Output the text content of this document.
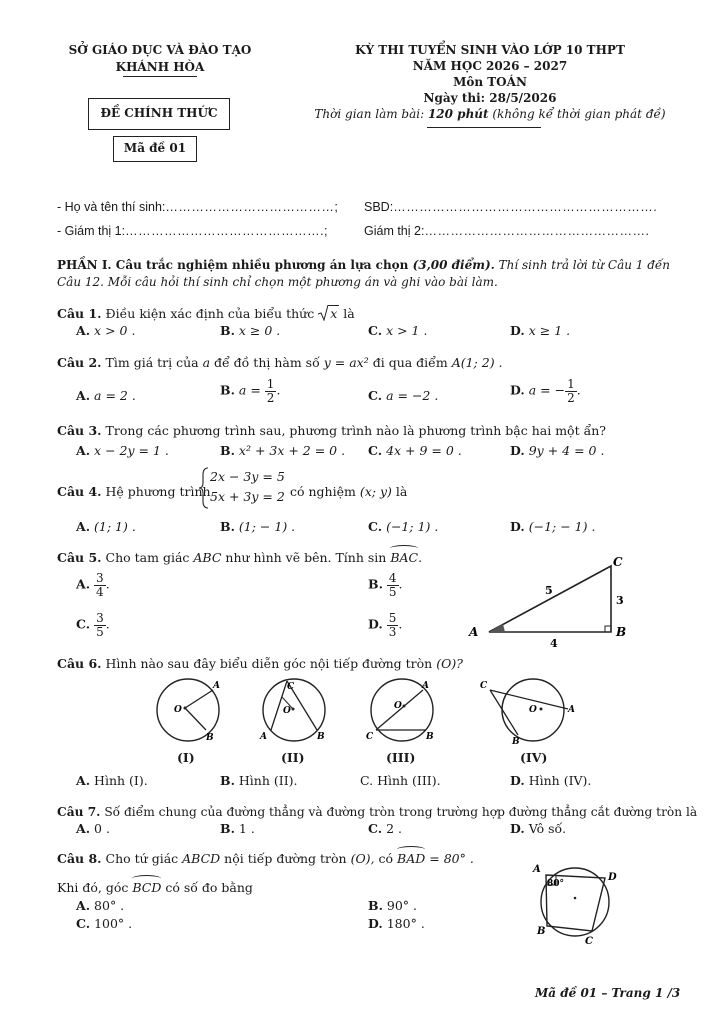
SỞ GIÁO DỤC VÀ ĐÀO TẠO
KHÁNH HÒA
ĐỀ CHÍNH THỨC
Mã đề 01
KỲ THI TUYỂN SINH VÀO LỚP 10 THPT
NĂM HỌC 2026 – 2027
Môn TOÁN
Ngày thi: 28/5/2026
Thời gian làm bài: 120 phút (không kể thời gian phát đề)
- Họ và tên thí sinh:…………………………………; SBD:…………………………………………………….
- Giám thị 1:……………………………………….;	Giám thị 2:…………………………………………….
PHẦN I. Câu trắc nghiệm nhiều phương án lựa chọn (3,00 điểm). Thí sinh trả lời từ Câu 1 đến
Câu 12. Mỗi câu hỏi thí sinh chỉ chọn một phương án và ghi vào bài làm.
Câu 1. Điều kiện xác định của biểu thức x là
A. x > 0 .	B. x ≥ 0 .	C. x > 1 .	D. x ≥ 1 .
Câu 2. Tìm giá trị của a để đồ thị hàm số y = ax² đi qua điểm A(1; 2) .
A. a = 2 .	B. $a = \frac{1}{2}$ .	C. a = −2 .	D. a = − $\frac{1}{2}$ .
Câu 3. Trong các phương trình sau, phương trình nào là phương trình bậc hai một ẩn?
A. x − 2y = 1 .	B. x² + 3x + 2 = 0 . C. 4x + 9 = 0 .	D. 9y + 4 = 0 .
Câu 4. Hệ phương trình
2x − 3y = 5
5x + 3y = 2 có nghiệm (x; y) là
A. (1; 1) .	B. (1; − 1) .	C. (−1; 1) .	D. (−1; − 1) .
Câu 5. Cho tam giác ABC như hình vẽ bên. Tính sin BAC.
A. $\frac{3}{4}$ .	B. $\frac{4}{5}$ .
C. $\frac{3}{5}$ .	D. $\frac{5}{3}$ .
A	B
C
5
3
4
Câu 6. Hình nào sau đây biểu diễn góc nội tiếp đường tròn (O)?
O
A
B
C
O
A	B
O
A
C	B
O
C
A
B
(I)	(II)	(III)	(IV)
A. Hình (I).	B. Hình (II).	C. Hình (III).	D. Hình (IV).
Câu 7. Số điểm chung của đường thẳng và đường tròn trong trường hợp đường thẳng cắt đường tròn là
A. 0 .	B. 1 .	C. 2 .	D. Vô số.
Câu 8. Cho tứ giác ABCD nội tiếp đường tròn (O), có BAD = 80° .
Khi đó, góc BCD có số đo bằng
A. 80° .	B. 90° .
C. 100° .	D. 180° .
80°
A
D
B
C
Mã đề 01 – Trang 1 /3
